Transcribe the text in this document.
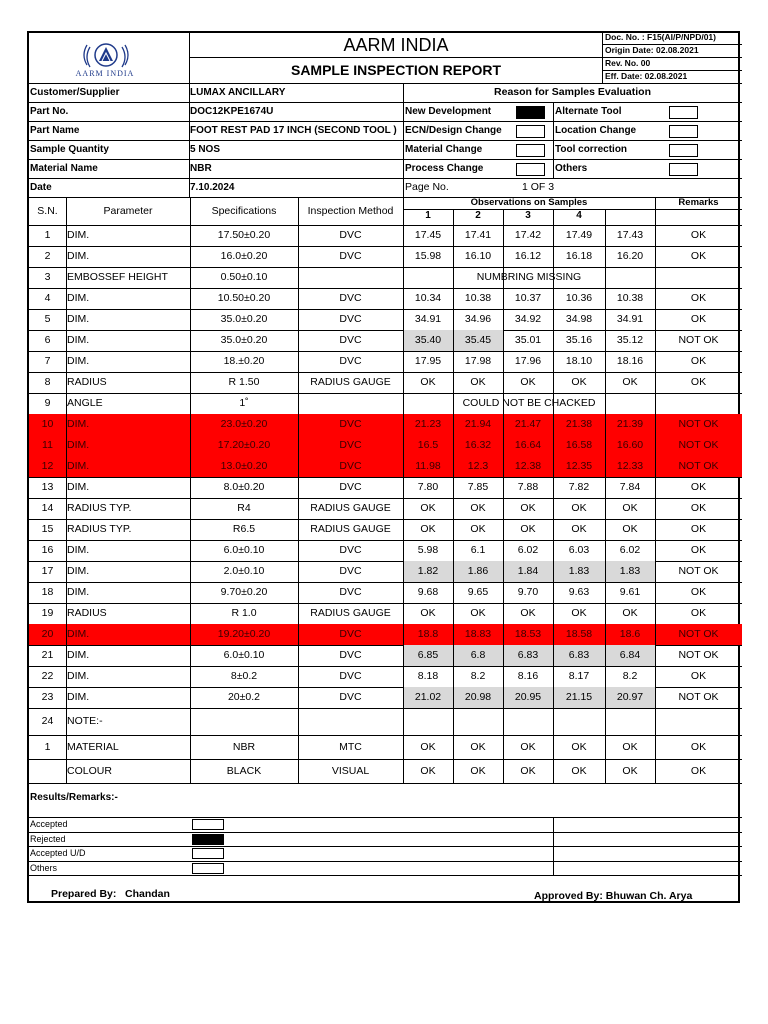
AARM INDIA
AARM INDIA
SAMPLE INSPECTION REPORT
Doc. No. : F15(AI/P/NPD/01)
Origin Date: 02.08.2021
Rev. No. 00
Eff. Date: 02.08.2021
Customer/Supplier	LUMAX ANCILLARY
Part No.	DOC12KPE1674U
Part Name	FOOT REST PAD 17 INCH (SECOND TOOL )
Sample Quantity	5 NOS
Material Name	NBR
Date	7.10.2024
Reason for Samples Evaluation
New Development
ECN/Design Change
Material Change
Process Change
Alternate Tool
Location Change
Tool correction
Others
Page No.	1 OF 3
S.N.	Parameter	Specifications	Inspection Method
Observations on Samples
1	2	3	4
Remarks
1	DIM.	17.50±0.20	DVC	17.45	17.41	17.42	17.49	17.43	OK
2	DIM.	16.0±0.20	DVC	15.98	16.10	16.12	16.18	16.20	OK
3	EMBOSSEF HEIGHT	0.50±0.10	NUMBRING MISSING
4	DIM.	10.50±0.20	DVC	10.34	10.38	10.37	10.36	10.38	OK
5	DIM.	35.0±0.20	DVC	34.91	34.96	34.92	34.98	34.91	OK
6	DIM.	35.0±0.20	DVC	35.40	35.45	35.01	35.16	35.12	NOT OK
7	DIM.	18.±0.20	DVC	17.95	17.98	17.96	18.10	18.16	OK
8	RADIUS	R 1.50	RADIUS GAUGE	OK	OK	OK	OK	OK	OK
9	ANGLE	1˚	COULD NOT BE CHACKED
10	DIM.	23.0±0.20	DVC	21.23	21.94	21.47	21.38	21.39	NOT OK
11	DIM.	17.20±0.20	DVC	16.5	16.32	16.64	16.58	16.60	NOT OK
12	DIM.	13.0±0.20	DVC	11.98	12.3	12.38	12.35	12.33	NOT OK
13	DIM.	8.0±0.20	DVC	7.80	7.85	7.88	7.82	7.84	OK
14	RADIUS TYP.	R4	RADIUS GAUGE	OK	OK	OK	OK	OK	OK
15	RADIUS TYP.	R6.5	RADIUS GAUGE	OK	OK	OK	OK	OK	OK
16	DIM.	6.0±0.10	DVC	5.98	6.1	6.02	6.03	6.02	OK
17	DIM.	2.0±0.10	DVC	1.82	1.86	1.84	1.83	1.83	NOT OK
18	DIM.	9.70±0.20	DVC	9.68	9.65	9.70	9.63	9.61	OK
19	RADIUS	R 1.0	RADIUS GAUGE	OK	OK	OK	OK	OK	OK
20	DIM.	19.20±0.20	DVC	18.8	18.83	18.53	18.58	18.6	NOT OK
21	DIM.	6.0±0.10	DVC	6.85	6.8	6.83	6.83	6.84	NOT OK
22	DIM.	8±0.2	DVC	8.18	8.2	8.16	8.17	8.2	OK
23	DIM.	20±0.2	DVC	21.02	20.98	20.95	21.15	20.97	NOT OK
24	NOTE:-
1	MATERIAL	NBR	MTC	OK	OK	OK	OK	OK	OK
COLOUR	BLACK	VISUAL	OK	OK	OK	OK	OK	OK
Results/Remarks:-
Accepted
Rejected
Accepted U/D
Others
Prepared By: Chandan	Approved By: Bhuwan Ch. Arya
